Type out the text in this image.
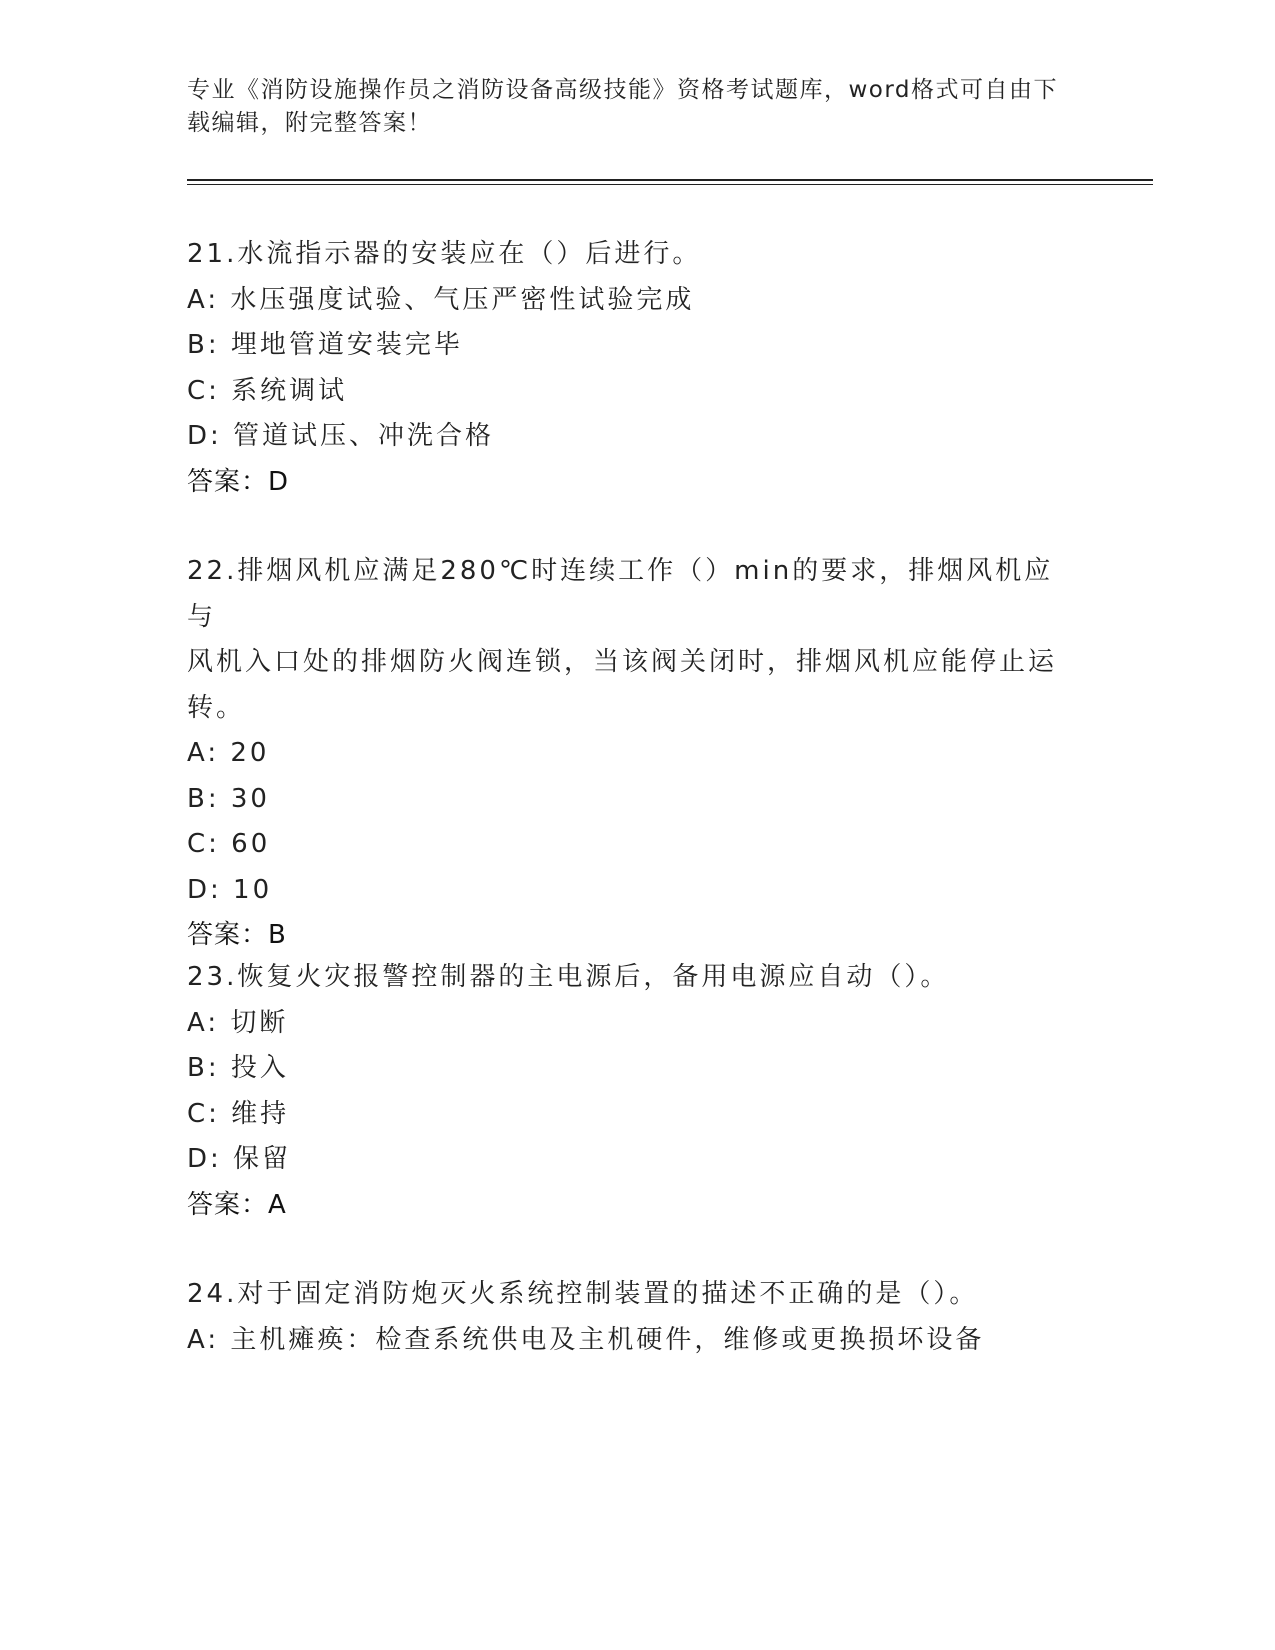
专业《消防设施操作员之消防设备高级技能》资格考试题库，word格式可自由下
载编辑，附完整答案！

21.水流指示器的安装应在（）后进行。

A: 水压强度试验、气压严密性试验完成

B: 埋地管道安装完毕

C: 系统调试

D: 管道试压、冲洗合格

答案：D

22.排烟风机应满足280℃时连续工作（）min的要求，排烟风机应与

风机入口处的排烟防火阀连锁，当该阀关闭时，排烟风机应能停止运

转。

A: 20

B: 30

C: 60

D: 10

答案：B

23.恢复火灾报警控制器的主电源后，备用电源应自动（）。

A: 切断

B: 投入

C: 维持

D: 保留

答案：A

24.对于固定消防炮灭火系统控制装置的描述不正确的是（）。

A: 主机瘫痪：检查系统供电及主机硬件，维修或更换损坏设备
